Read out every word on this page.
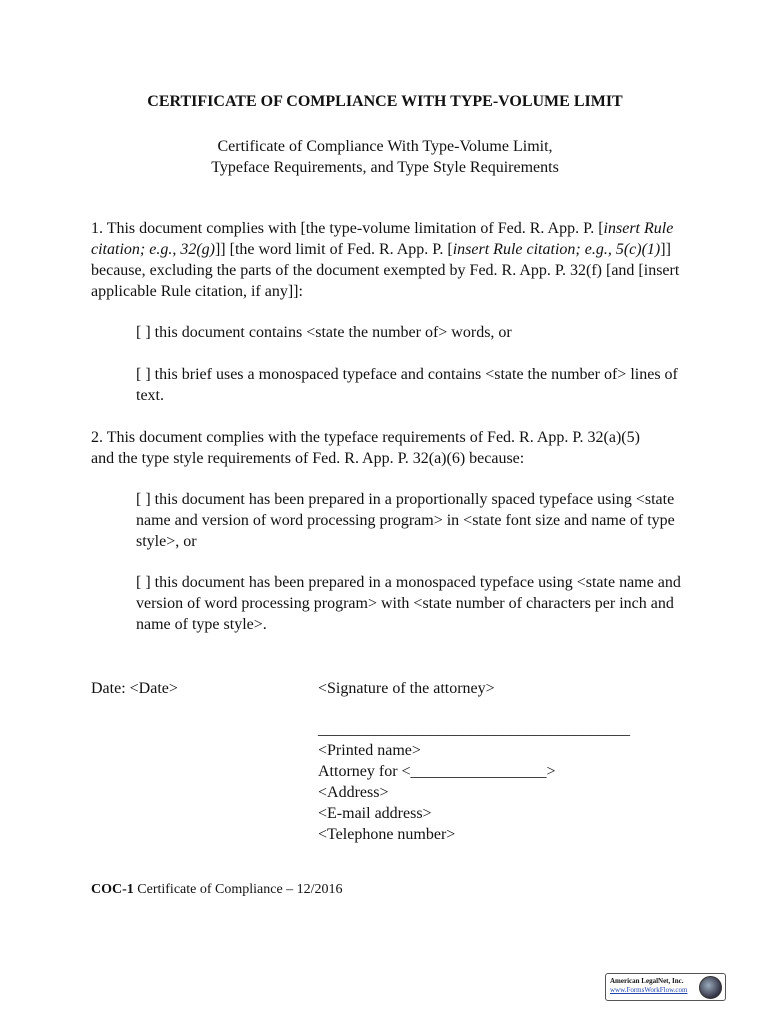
CERTIFICATE OF COMPLIANCE WITH TYPE-VOLUME LIMIT
Certificate of Compliance With Type-Volume Limit,
Typeface Requirements, and Type Style Requirements
1. This document complies with [the type-volume limitation of Fed. R. App. P. [insert Rule citation; e.g., 32(g)]] [the word limit of Fed. R. App. P. [insert Rule citation; e.g., 5(c)(1)]] because, excluding the parts of the document exempted by Fed. R. App. P. 32(f) [and [insert applicable Rule citation, if any]]:
[ ] this document contains <state the number of> words, or
[ ] this brief uses a monospaced typeface and contains <state the number of> lines of text.
2. This document complies with the typeface requirements of Fed. R. App. P. 32(a)(5) and the type style requirements of Fed. R. App. P. 32(a)(6) because:
[ ] this document has been prepared in a proportionally spaced typeface using <state name and version of word processing program> in <state font size and name of type style>, or
[ ] this document has been prepared in a monospaced typeface using <state name and version of word processing program> with <state number of characters per inch and name of type style>.
Date: <Date>	<Signature of the attorney>
_______________________________________
<Printed name>
Attorney for <_________________>
<Address>
<E-mail address>
<Telephone number>
COC-1 Certificate of Compliance – 12/2016
American LegalNet, Inc.
www.FormsWorkFlow.com
